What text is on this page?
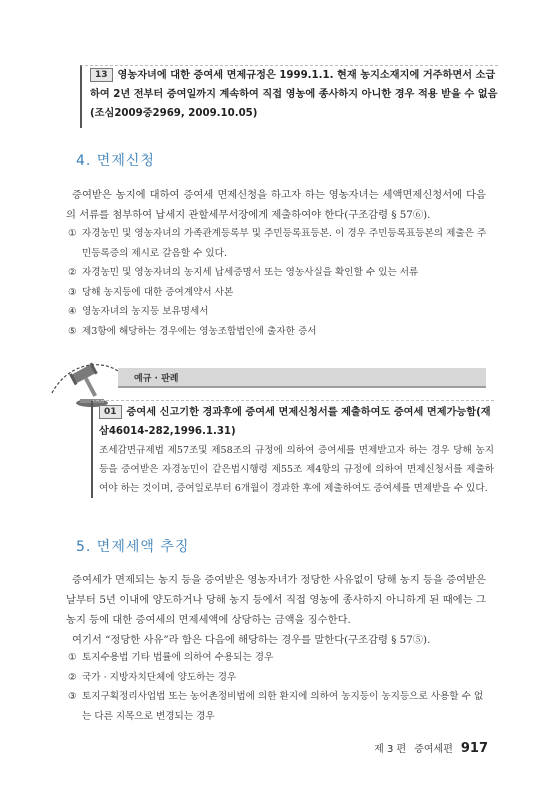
13 영농자녀에 대한 증여세 면제규정은 1999.1.1. 현재 농지소재지에 거주하면서 소급하여 2년 전부터 증여일까지 계속하여 직접 영농에 종사하지 아니한 경우 적용 받을 수 없음(조심2009중2969, 2009.10.05)
4. 면제신청

증여받은 농지에 대하여 증여세 면제신청을 하고자 하는 영농자녀는 세액면제신청서에 다음의 서류를 첨부하여 납세지 관할세무서장에게 제출하여야 한다(구조감령 § 57⑥).

① 자경농민 및 영농자녀의 가족관계등록부 및 주민등록표등본. 이 경우 주민등록표등본의 제출은 주민등록증의 제시로 갈음할 수 있다.
② 자경농민 및 영농자녀의 농지세 납세증명서 또는 영농사실을 확인할 수 있는 서류
③ 당해 농지등에 대한 증여계약서 사본
④ 영농자녀의 농지등 보유명세서
⑤ 제3항에 해당하는 경우에는 영농조합법인에 출자한 증서
예규 · 판례
01 증여세 신고기한 경과후에 증여세 면제신청서를 제출하여도 증여세 면제가능함(재삼46014-282,1996.1.31)
조세감면규제법 제57조및 제58조의 규정에 의하여 증여세를 면제받고자 하는 경우 당해 농지 등을 증여받은 자경농민이 같은법시행령 제55조 제4항의 규정에 의하여 면제신청서를 제출하여야 하는 것이며, 증여일로부터 6개월이 경과한 후에 제출하여도 증여세를 면제받을 수 있다.
5. 면제세액 추징

증여세가 면제되는 농지 등을 증여받은 영농자녀가 정당한 사유없이 당해 농지 등을 증여받은 날부터 5년 이내에 양도하거나 당해 농지 등에서 직접 영농에 종사하지 아니하게 된 때에는 그 농지 등에 대한 증여세의 면제세액에 상당하는 금액을 징수한다.

여기서 “정당한 사유”라 함은 다음에 해당하는 경우를 말한다(구조감령 § 57⑤).

① 토지수용법 기타 법률에 의하여 수용되는 경우
② 국가 · 지방자치단체에 양도하는 경우
③ 토지구획정리사업법 또는 농어촌정비법에 의한 환지에 의하여 농지등이 농지등으로 사용할 수 없는 다른 지목으로 변경되는 경우
제 3 편 증여세편 917
